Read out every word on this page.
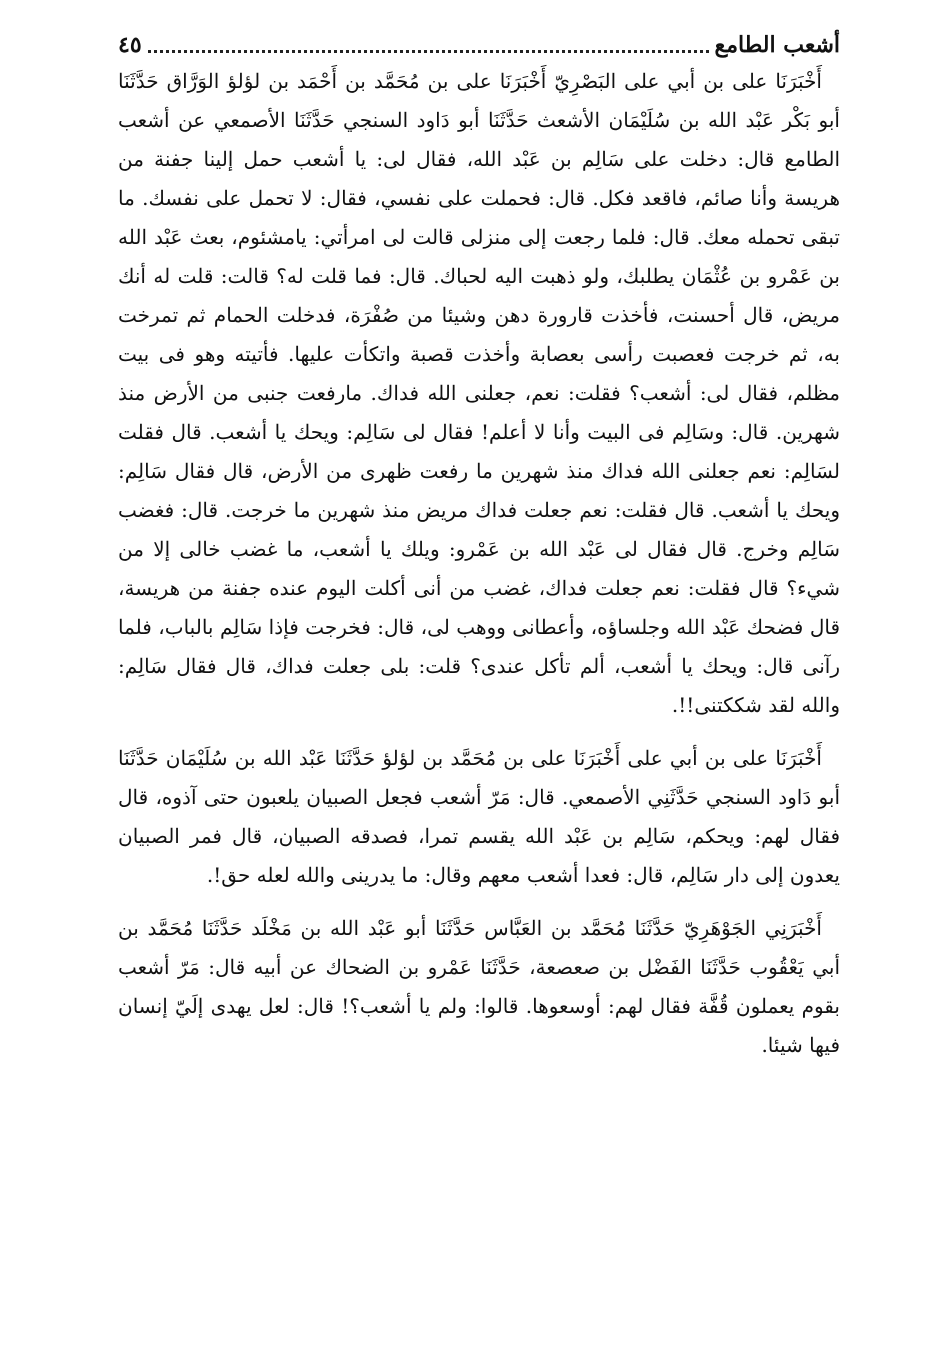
أشعب الطامع
٤٥

أَخْبَرَنَا على بن أبي على البَصْرِيّ أَخْبَرَنَا على بن مُحَمَّد بن أَحْمَد بن لؤلؤ الوَرَّاق حَدَّثَنَا أبو بَكْر عَبْد الله بن سُلَيْمَان الأشعث حَدَّثَنَا أبو دَاود السنجي حَدَّثَنَا الأصمعي عن أشعب الطامع قال: دخلت على سَالِم بن عَبْد الله، فقال لى: يا أشعب حمل إلينا جفنة من هريسة وأنا صائم، فاقعد فكل. قال: فحملت على نفسي، فقال: لا تحمل على نفسك. ما تبقى تحمله معك. قال: فلما رجعت إلى منزلى قالت لى امرأتي: يامشئوم، بعث عَبْد الله بن عَمْرو بن عُثْمَان يطلبك، ولو ذهبت اليه لحباك. قال: فما قلت له؟ قالت: قلت له أنك مريض، قال أحسنت، فأخذت قارورة دهن وشيئا من صُفْرَة، فدخلت الحمام ثم تمرخت به، ثم خرجت فعصبت رأسى بعصابة وأخذت قصبة واتكأت عليها. فأتيته وهو فى بيت مظلم، فقال لى: أشعب؟ فقلت: نعم، جعلنى الله فداك. مارفعت جنبى من الأرض منذ شهرين. قال: وسَالِم فى البيت وأنا لا أعلم! فقال لى سَالِم: ويحك يا أشعب. قال فقلت لسَالِم: نعم جعلنى الله فداك منذ شهرين ما رفعت ظهرى من الأرض، قال فقال سَالِم: ويحك يا أشعب. قال فقلت: نعم جعلت فداك مريض منذ شهرين ما خرجت. قال: فغضب سَالِم وخرج. قال فقال لى عَبْد الله بن عَمْرو: ويلك يا أشعب، ما غضب خالى إلا من شيء؟ قال فقلت: نعم جعلت فداك، غضب من أنى أكلت اليوم عنده جفنة من هريسة، قال فضحك عَبْد الله وجلساؤه، وأعطانى ووهب لى، قال: فخرجت فإذا سَالِم بالباب، فلما رآنى قال: ويحك يا أشعب، ألم تأكل عندى؟ قلت: بلى جعلت فداك، قال فقال سَالِم: والله لقد شككتنى!!.

أَخْبَرَنَا على بن أبي على أَخْبَرَنَا على بن مُحَمَّد بن لؤلؤ حَدَّثَنَا عَبْد الله بن سُلَيْمَان حَدَّثَنَا أبو دَاود السنجي حَدَّثَنِي الأصمعي. قال: مَرّ أشعب فجعل الصبيان يلعبون حتى آذوه، قال فقال لهم: ويحكم، سَالِم بن عَبْد الله يقسم تمرا، فصدقه الصبيان، قال فمر الصبيان يعدون إلى دار سَالِم، قال: فعدا أشعب معهم وقال: ما يدرينى والله لعله حق!.

أَخْبَرَنِي الجَوْهَرِيّ حَدَّثَنَا مُحَمَّد بن العَبَّاس حَدَّثَنَا أبو عَبْد الله بن مَخْلَد حَدَّثَنَا مُحَمَّد بن أبي يَعْقُوب حَدَّثَنَا الفَضْل بن صعصعة، حَدَّثَنَا عَمْرو بن الضحاك عن أبيه قال: مَرّ أشعب بقوم يعملون قُفَّة فقال لهم: أوسعوها. قالوا: ولم يا أشعب؟! قال: لعل يهدى إلَيّ إنسان فيها شيئا.
